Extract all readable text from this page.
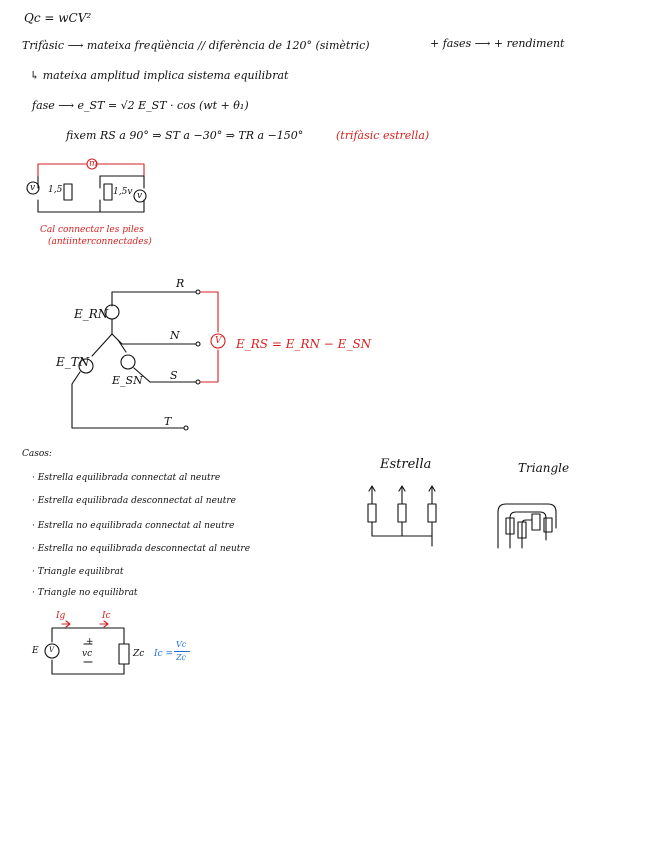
Qc = wCV²
Trifàsic ⟶ mateixa freqüència // diferència de 120° (simètric)	+ fases ⟶ + rendiment
↳ mateixa amplitud implica sistema equilibrat
fase ⟶ e_ST = √2 E_ST · cos (wt + θ₁)
fixem RS a 90° ⇒ ST a −30° ⇒ TR a −150°	(trifàsic estrella)
m
v 1,5	1,5v v
Cal connectar les piles
(antiinterconnectades)
R
E_RN
N
E_TN
E_SN S
T
V E_RS = E_RN − E_SN
Casos:
· Estrella equilibrada connectat al neutre
· Estrella equilibrada desconnectat al neutre
· Estrella no equilibrada connectat al neutre
· Estrella no equilibrada desconnectat al neutre
· Triangle equilibrat
· Triangle no equilibrat
Estrella	Triangle
Ig	Ic
E V
+
vc	Zc Ic =
Vc
Zc
